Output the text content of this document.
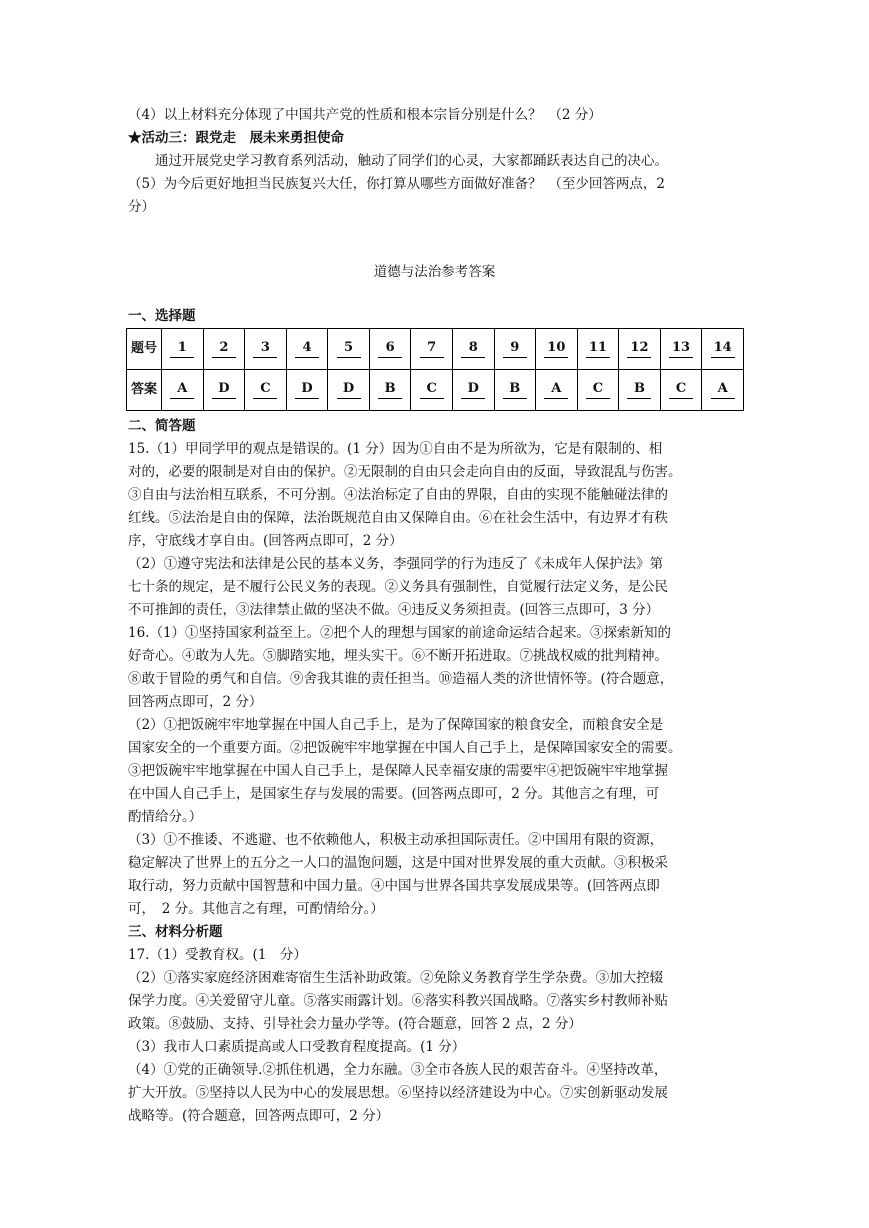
（4）以上材料充分体现了中国共产党的性质和根本宗旨分别是什么？　（2 分）
★活动三：跟党走　展未来勇担使命
　　通过开展党史学习教育系列活动，触动了同学们的心灵，大家都踊跃表达自己的决心。
（5）为今后更好地担当民族复兴大任，你打算从哪些方面做好准备？　（至少回答两点，2
分）
道德与法治参考答案
一、选择题
题号	1	2	3	4	5	6	7	8	9	10	11	12	13	14
答案	A	D	C	D	D	B	C	D	B	A	C	B	C	A
二、简答题
15.（1）甲同学甲的观点是错误的。(1 分）因为①自由不是为所欲为，它是有限制的、相
对的，必要的限制是对自由的保护。②无限制的自由只会走向自由的反面，导致混乱与伤害。
③自由与法治相互联系，不可分割。④法治标定了自由的界限，自由的实现不能触碰法律的
红线。⑤法治是自由的保障，法治既规范自由又保障自由。⑥在社会生活中，有边界才有秩
序，守底线才享自由。(回答两点即可，2 分）
（2）①遵守宪法和法律是公民的基本义务，李强同学的行为违反了《未成年人保护法》第
七十条的规定，是不履行公民义务的表现。②义务具有强制性，自觉履行法定义务，是公民
不可推卸的责任，③法律禁止做的坚决不做。④违反义务须担责。(回答三点即可，3 分）
16.（1）①坚持国家利益至上。②把个人的理想与国家的前途命运结合起来。③探索新知的
好奇心。④敢为人先。⑤脚踏实地，埋头实干。⑥不断开拓进取。⑦挑战权威的批判精神。
⑧敢于冒险的勇气和自信。⑨舍我其谁的责任担当。⑩造福人类的济世情怀等。(符合题意，
回答两点即可，2 分）
（2）①把饭碗牢牢地掌握在中国人自己手上，是为了保障国家的粮食安全，而粮食安全是
国家安全的一个重要方面。②把饭碗牢牢地掌握在中国人自己手上，是保障国家安全的需要。
③把饭碗牢牢地掌握在中国人自己手上，是保障人民幸福安康的需要牢④把饭碗牢牢地掌握
在中国人自己手上，是国家生存与发展的需要。(回答两点即可，2 分。其他言之有理，可
酌情给分。）
（3）①不推诿、不逃避、也不依赖他人，积极主动承担国际责任。②中国用有限的资源，
稳定解决了世界上的五分之一人口的温饱问题，这是中国对世界发展的重大贡献。③积极采
取行动，努力贡献中国智慧和中国力量。④中国与世界各国共享发展成果等。(回答两点即
可，　2 分。其他言之有理，可酌情给分。）
三、材料分析题
17.（1）受教育权。(1　分）
（2）①落实家庭经济困难寄宿生生活补助政策。②免除义务教育学生学杂费。③加大控辍
保学力度。④关爱留守儿童。⑤落实雨露计划。⑥落实科教兴国战略。⑦落实乡村教师补贴
政策。⑧鼓励、支持、引导社会力量办学等。(符合题意，回答 2 点，2 分）
（3）我市人口素质提高或人口受教育程度提高。(1 分）
（4）①党的正确领导.②抓住机遇，全力东融。③全市各族人民的艰苦奋斗。④坚持改革，
扩大开放。⑤坚持以人民为中心的发展思想。⑥坚持以经济建设为中心。⑦实创新驱动发展
战略等。(符合题意，回答两点即可，2 分）
